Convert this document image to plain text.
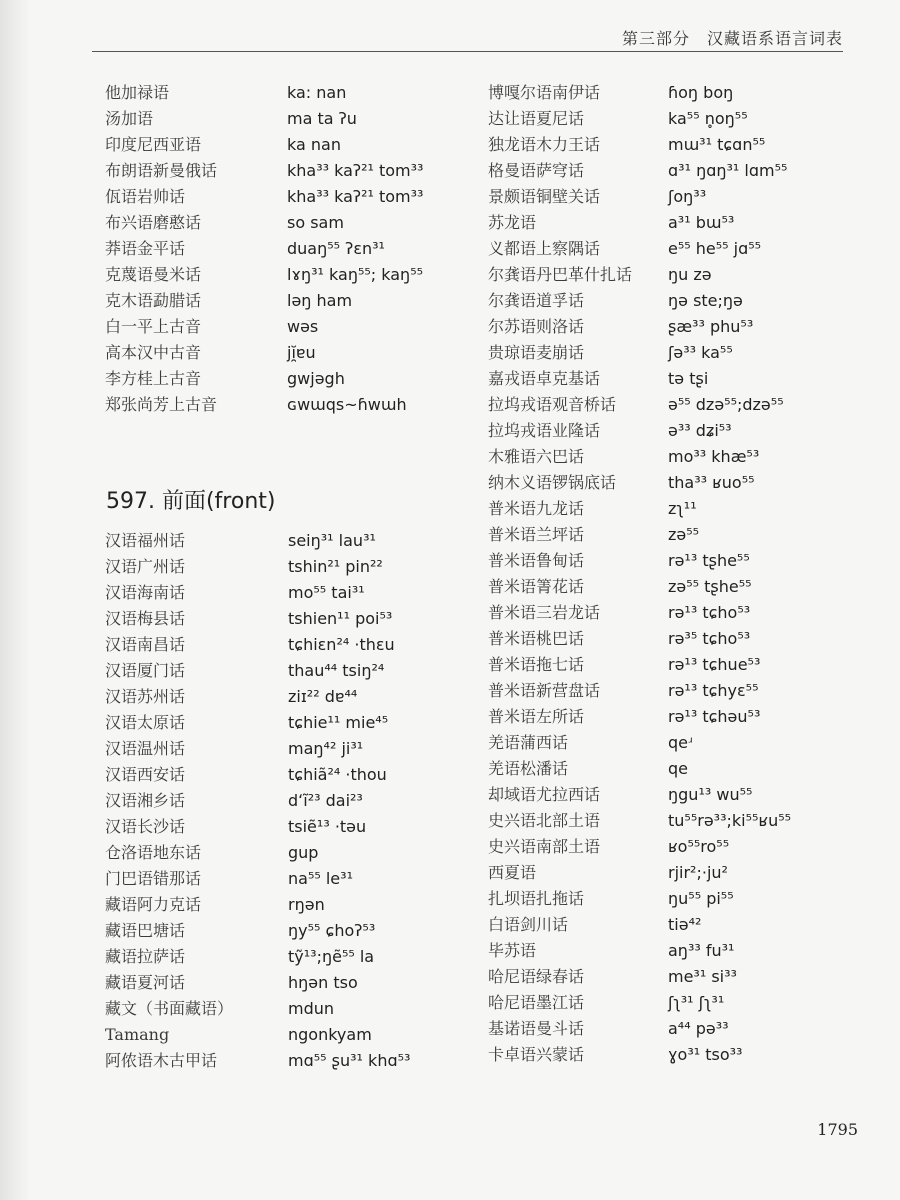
第三部分　汉藏语系语言词表
他加禄语	ka: nan
汤加语	ma ta ʔu
印度尼西亚语	ka nan
布朗语新曼俄话	kha³³ kaʔ²¹ tom³³
佤语岩帅话	kha³³ kaʔ²¹ tom³³
布兴语磨憨话	so sam
莽语金平话	duaŋ⁵⁵ ʔɛn³¹
克蔑语曼米话	lɤŋ³¹ kaŋ⁵⁵; kaŋ⁵⁵
克木语勐腊话	ləŋ ham
白一平上古音	wəs
高本汉中古音	jĭ̯ɐu
李方桂上古音	gwjəgh
郑张尚芳上古音	ɢwɯqs~ɦwɯh
597. 前面(front)
汉语福州话	seiŋ³¹ lau³¹
汉语广州话	tshin²¹ pin²²
汉语海南话	mo⁵⁵ tai³¹
汉语梅县话	tshien¹¹ poi⁵³
汉语南昌话	tɕhiɛn²⁴ ·thɛu
汉语厦门话	thau⁴⁴ tsiŋ²⁴
汉语苏州话	ziɪ²² dɐ⁴⁴
汉语太原话	tɕhie¹¹ mie⁴⁵
汉语温州话	maŋ⁴² ji³¹
汉语西安话	tɕhiã²⁴ ·thou
汉语湘乡话	dʻĩ²³ dai²³
汉语长沙话	tsiẽ¹³ ·təu
仓洛语地东话	gup
门巴语错那话	na⁵⁵ le³¹
藏语阿力克话	rŋən
藏语巴塘话	ŋy⁵⁵ ɕhoʔ⁵³
藏语拉萨话	tỹ¹³;ŋẽ⁵⁵ la
藏语夏河话	hŋən tso
藏文（书面藏语）	mdun
Tamang	ngonkyam
阿侬语木古甲话	mɑ⁵⁵ ʂu³¹ khɑ⁵³
博嘎尔语南伊话	ɦoŋ boŋ
达让语夏尼话	ka⁵⁵ n̥oŋ⁵⁵
独龙语木力王话	mɯ³¹ tɕɑn⁵⁵
格曼语萨穹话	ɑ³¹ ŋɑŋ³¹ lɑm⁵⁵
景颇语铜壁关话	ʃoŋ³³
苏龙语	a³¹ bɯ⁵³
义都语上察隅话	e⁵⁵ he⁵⁵ jɑ⁵⁵
尔龚语丹巴革什扎话 ŋu zə
尔龚语道孚话	ŋə ste;ŋə
尔苏语则洛话	ʂæ³³ phu⁵³
贵琼语麦崩话	ʃə³³ ka⁵⁵
嘉戎语卓克基话	tə tʂi
拉坞戎语观音桥话	ə⁵⁵ dzə⁵⁵;dzə⁵⁵
拉坞戎语业隆话	ə³³ dʑi⁵³
木雅语六巴话	mo³³ khæ⁵³
纳木义语锣锅底话	tha³³ ʁuo⁵⁵
普米语九龙话	zʅ¹¹
普米语兰坪话	zə⁵⁵
普米语鲁甸话	rə¹³ tʂhe⁵⁵
普米语箐花话	zə⁵⁵ tʂhe⁵⁵
普米语三岩龙话	rə¹³ tɕho⁵³
普米语桃巴话	rə³⁵ tɕho⁵³
普米语拖七话	rə¹³ tɕhue⁵³
普米语新营盘话	rə¹³ tɕhyɛ⁵⁵
普米语左所话	rə¹³ tɕhəu⁵³
羌语蒲西话	qeʴ
羌语松潘话	qe
却域语尤拉西话	ŋgu¹³ wu⁵⁵
史兴语北部土语	tu⁵⁵rə³³;ki⁵⁵ʁu⁵⁵
史兴语南部土语	ʁo⁵⁵ro⁵⁵
西夏语	rjir²;·ju²
扎坝语扎拖话	ŋu⁵⁵ pi⁵⁵
白语剑川话	tiə⁴²
毕苏语	aŋ³³ fu³¹
哈尼语绿春话	me³¹ si³³
哈尼语墨江话	ʃʅ³¹ ʃʅ³¹
基诺语曼斗话	a⁴⁴ pə³³
卡卓语兴蒙话	ɣo³¹ tso³³
1795
